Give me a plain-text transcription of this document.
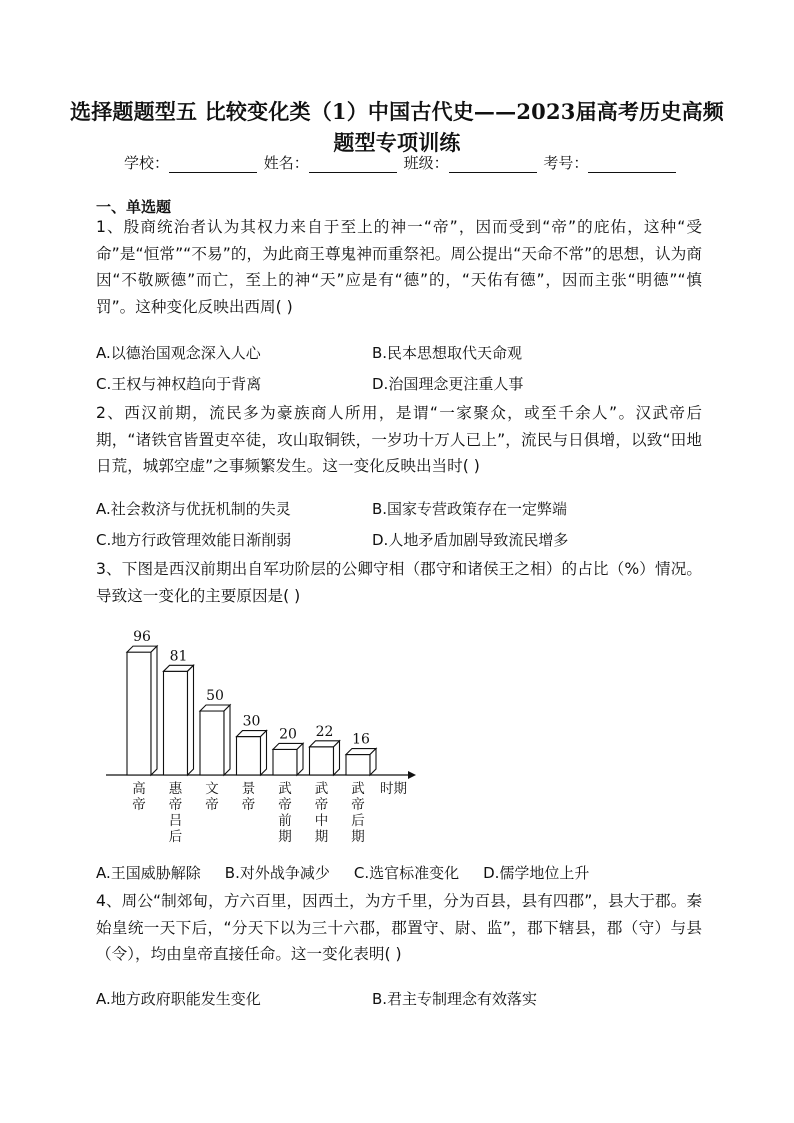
选择题题型五 比较变化类（1）中国古代史——2023届高考历史高频
题型专项训练
学校：	姓名：	班级：	考号：
一、单选题
1、殷商统治者认为其权力来自于至上的神一“帝”，因而受到“帝”的庇佑，这种“受命”是“恒常”“不易”的，为此商王尊鬼神而重祭祀。周公提出“天命不常”的思想，认为商因“不敬厥德”而亡，至上的神“天”应是有“德”的，“天佑有德”，因而主张“明德”“慎罚”。这种变化反映出西周( )
A.以德治国观念深入人心	B.民本思想取代天命观
C.王权与神权趋向于背离	D.治国理念更注重人事
2、西汉前期，流民多为豪族商人所用，是谓“一家聚众，或至千余人”。汉武帝后期，“诸铁官皆置吏卒徒，攻山取铜铁，一岁功十万人已上”，流民与日俱增，以致“田地日荒，城郭空虚”之事频繁发生。这一变化反映出当时( )
A.社会救济与优抚机制的失灵	B.国家专营政策存在一定弊端
C.地方行政管理效能日渐削弱	D.人地矛盾加剧导致流民增多
3、下图是西汉前期出自军功阶层的公卿守相（郡守和诸侯王之相）的占比（%）情况。导致这一变化的主要原因是( )
96
高帝
81
惠帝吕后
50
文帝
30
景帝
20
武帝前期
22
武帝中期
16
武帝后期
时期
A.王国威胁解除 B.对外战争减少 C.选官标准变化 D.儒学地位上升
4、周公“制郊甸，方六百里，因西土，为方千里，分为百县，县有四郡”，县大于郡。秦始皇统一天下后，“分天下以为三十六郡，郡置守、尉、监”，郡下辖县，郡（守）与县（令），均由皇帝直接任命。这一变化表明( )
A.地方政府职能发生变化	B.君主专制理念有效落实
